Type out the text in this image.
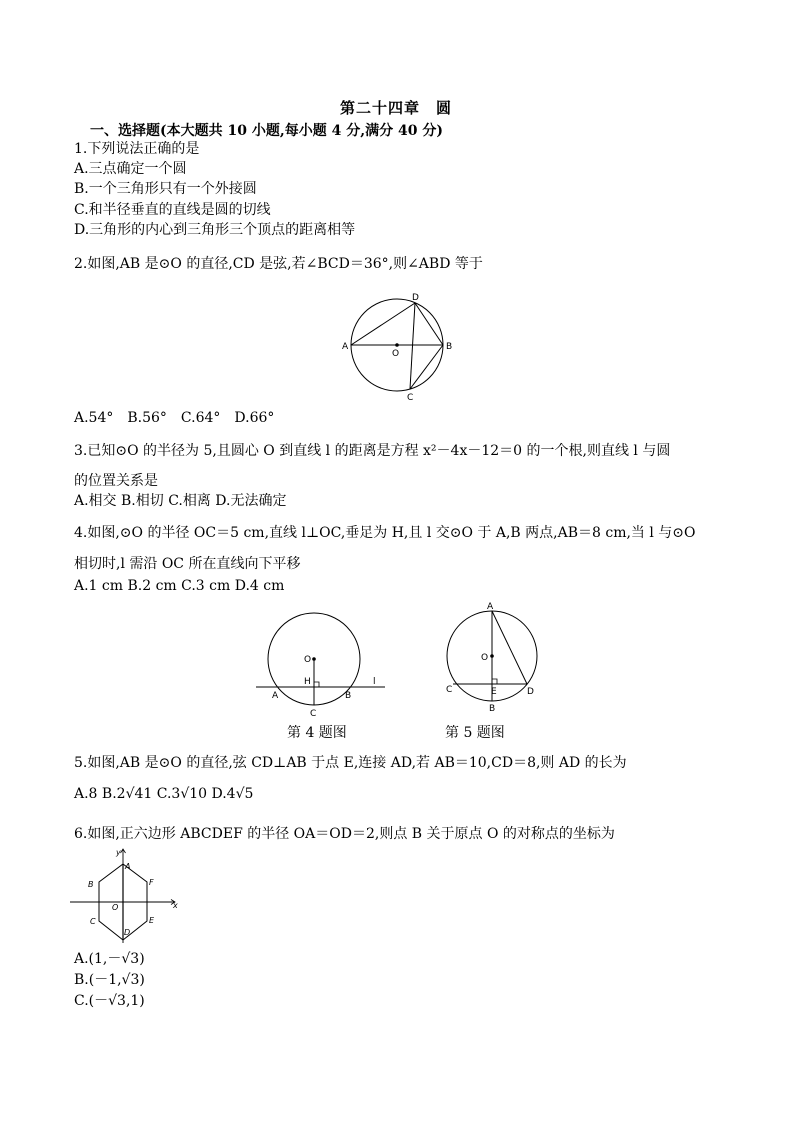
第二十四章　圆
一、选择题(本大题共 10 小题,每小题 4 分,满分 40 分)
1.下列说法正确的是
A.三点确定一个圆
B.一个三角形只有一个外接圆
C.和半径垂直的直线是圆的切线
D.三角形的内心到三角形三个顶点的距离相等
2.如图,AB 是⊙O 的直径,CD 是弦,若∠BCD＝36°,则∠ABD 等于
A	B
C
D
O
A.54°　B.56°　C.64°　D.66°
3.已知⊙O 的半径为 5,且圆心 O 到直线 l 的距离是方程 x²－4x－12＝0 的一个根,则直线 l 与圆
的位置关系是
A.相交 B.相切 C.相离 D.无法确定
4.如图,⊙O 的半径 OC＝5 cm,直线 l⊥OC,垂足为 H,且 l 交⊙O 于 A,B 两点,AB＝8 cm,当 l 与⊙O
相切时,l 需沿 OC 所在直线向下平移
A.1 cm B.2 cm C.3 cm D.4 cm
O
H
A	B
C
l
A
O
C	E
B
D
第 4 题图	第 5 题图
5.如图,AB 是⊙O 的直径,弦 CD⊥AB 于点 E,连接 AD,若 AB＝10,CD＝8,则 AD 的长为
A.8 B.2√41 C.3√10 D.4√5
6.如图,正六边形 ABCDEF 的半径 OA＝OD＝2,则点 B 关于原点 O 的对称点的坐标为
y
x
A
B
C
D
E
F
O
A.(1,－√3)
B.(－1,√3)
C.(－√3,1)
